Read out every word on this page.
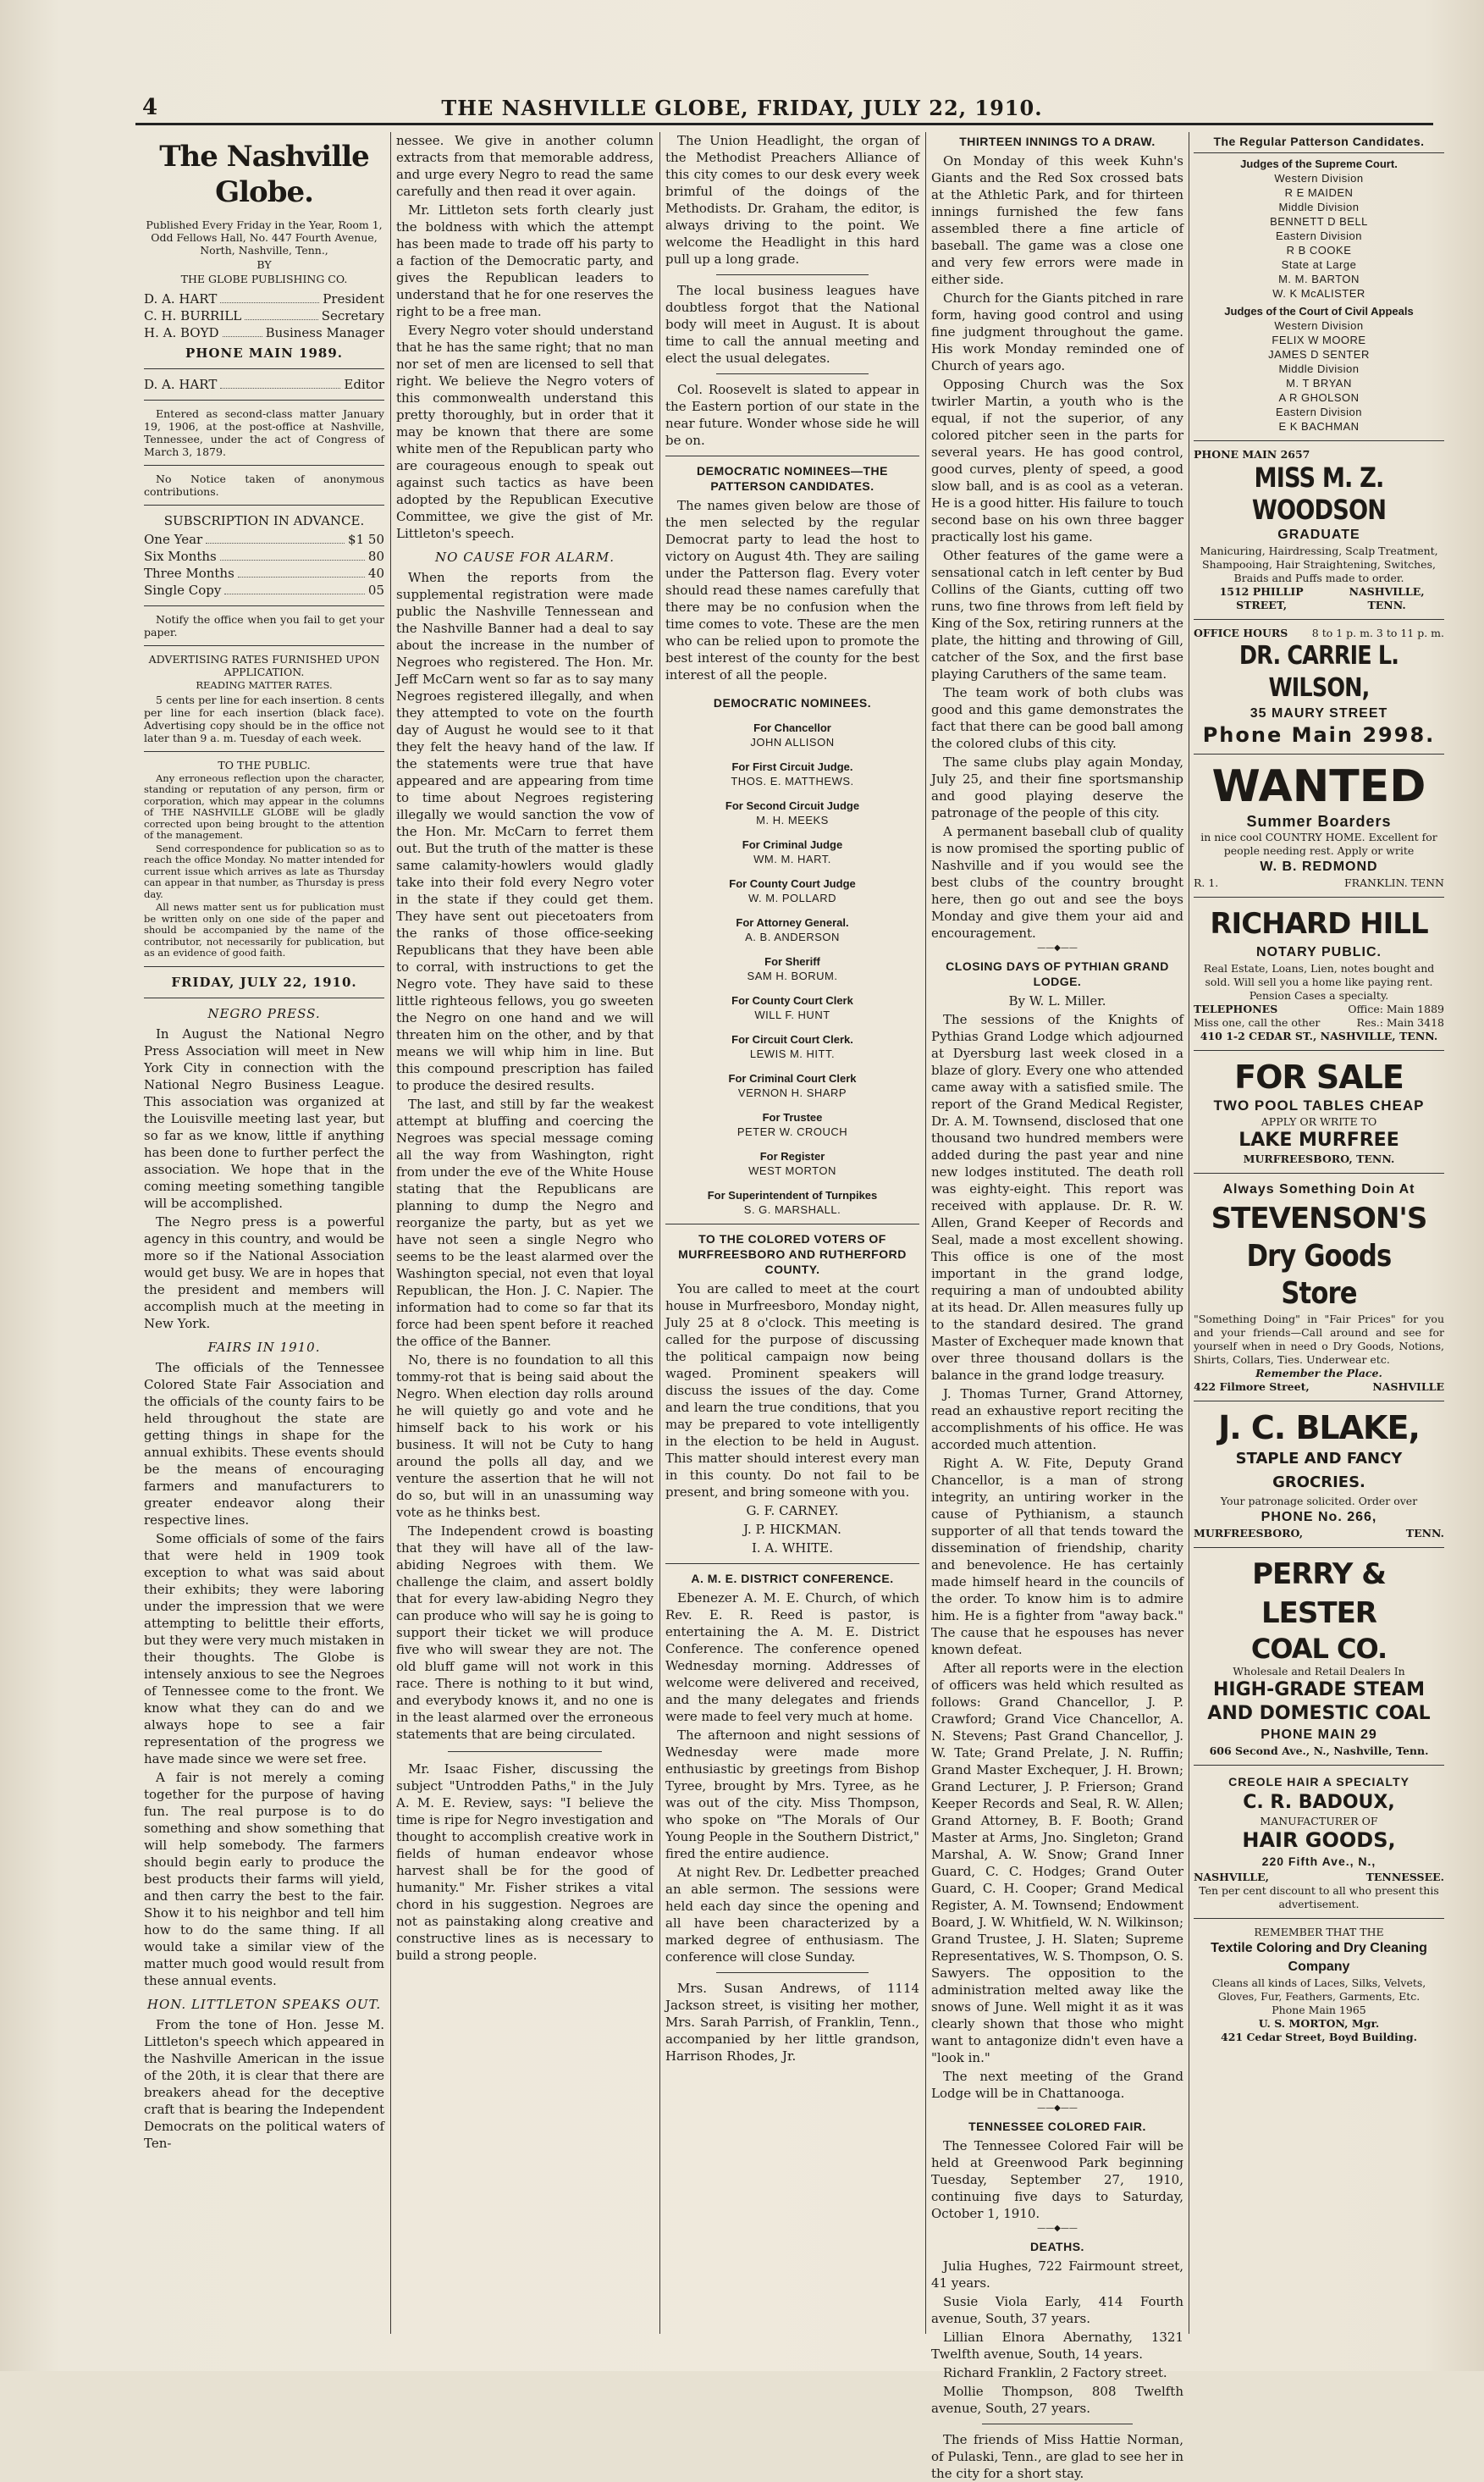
4	THE NASHVILLE GLOBE, FRIDAY, JULY 22, 1910.
The Nashville Globe.

Published Every Friday in the Year, Room 1, Odd Fellows Hall, No. 447 Fourth Avenue, North, Nashville, Tenn.,

BY

THE GLOBE PUBLISHING CO.

D. A. HART	President
C. H. BURRILL	Secretary
H. A. BOYD	Business Manager

PHONE MAIN 1989.

D. A. HART	Editor

Entered as second-class matter January 19, 1906, at the post-office at Nashville, Tennessee, under the act of Congress of March 3, 1879.

No Notice taken of anonymous contributions.

SUBSCRIPTION IN ADVANCE.

One Year	$1 50
Six Months	80
Three Months	40
Single Copy	05

Notify the office when you fail to get your paper.

ADVERTISING RATES FURNISHED UPON APPLICATION.

READING MATTER RATES.

5 cents per line for each insertion. 8 cents per line for each insertion (black face). Advertising copy should be in the office not later than 9 a. m. Tuesday of each week.

TO THE PUBLIC.

Any erroneous reflection upon the character, standing or reputation of any person, firm or corporation, which may appear in the columns of THE NASHVILLE GLOBE will be gladly corrected upon being brought to the attention of the management.

Send correspondence for publication so as to reach the office Monday. No matter intended for current issue which arrives as late as Thursday can appear in that number, as Thursday is press day.

All news matter sent us for publication must be written only on one side of the paper and should be accompanied by the name of the contributor, not necessarily for publication, but as an evidence of good faith.

FRIDAY, JULY 22, 1910.

NEGRO PRESS.

In August the National Negro Press Association will meet in New York City in connection with the National Negro Business League. This association was organized at the Louisville meeting last year, but so far as we know, little if anything has been done to further perfect the association. We hope that in the coming meeting something tangible will be accomplished.

The Negro press is a powerful agency in this country, and would be more so if the National Association would get busy. We are in hopes that the president and members will accomplish much at the meeting in New York.

FAIRS IN 1910.

The officials of the Tennessee Colored State Fair Association and the officials of the county fairs to be held throughout the state are getting things in shape for the annual exhibits. These events should be the means of encouraging farmers and manufacturers to greater endeavor along their respective lines.

Some officials of some of the fairs that were held in 1909 took exception to what was said about their exhibits; they were laboring under the impression that we were attempting to belittle their efforts, but they were very much mistaken in their thoughts. The Globe is intensely anxious to see the Negroes of Tennessee come to the front. We know what they can do and we always hope to see a fair representation of the progress we have made since we were set free.

A fair is not merely a coming together for the purpose of having fun. The real purpose is to do something and show something that will help somebody. The farmers should begin early to produce the best products their farms will yield, and then carry the best to the fair. Show it to his neighbor and tell him how to do the same thing. If all would take a similar view of the matter much good would result from these annual events.

HON. LITTLETON SPEAKS OUT.

From the tone of Hon. Jesse M. Littleton's speech which appeared in the Nashville American in the issue of the 20th, it is clear that there are breakers ahead for the deceptive craft that is bearing the Independent Democrats on the political waters of Ten-

nessee. We give in another column extracts from that memorable address, and urge every Negro to read the same carefully and then read it over again.

Mr. Littleton sets forth clearly just the boldness with which the attempt has been made to trade off his party to a faction of the Democratic party, and gives the Republican leaders to understand that he for one reserves the right to be a free man.

Every Negro voter should understand that he has the same right; that no man nor set of men are licensed to sell that right. We believe the Negro voters of this commonwealth understand this pretty thoroughly, but in order that it may be known that there are some white men of the Republican party who are courageous enough to speak out against such tactics as have been adopted by the Republican Executive Committee, we give the gist of Mr. Littleton's speech.

NO CAUSE FOR ALARM.

When the reports from the supplemental registration were made public the Nashville Tennessean and the Nashville Banner had a deal to say about the increase in the number of Negroes who registered. The Hon. Mr. Jeff McCarn went so far as to say many Negroes registered illegally, and when they attempted to vote on the fourth day of August he would see to it that they felt the heavy hand of the law. If the statements were true that have appeared and are appearing from time to time about Negroes registering illegally we would sanction the vow of the Hon. Mr. McCarn to ferret them out. But the truth of the matter is these same calamity-howlers would gladly take into their fold every Negro voter in the state if they could get them. They have sent out piecetoaters from the ranks of those office-seeking Republicans that they have been able to corral, with instructions to get the Negro vote. They have said to these little righteous fellows, you go sweeten the Negro on one hand and we will threaten him on the other, and by that means we will whip him in line. But this compound prescription has failed to produce the desired results.

The last, and still by far the weakest attempt at bluffing and coercing the Negroes was special message coming all the way from Washington, right from under the eve of the White House stating that the Republicans are planning to dump the Negro and reorganize the party, but as yet we have not seen a single Negro who seems to be the least alarmed over the Washington special, not even that loyal Republican, the Hon. J. C. Napier. The information had to come so far that its force had been spent before it reached the office of the Banner.

No, there is no foundation to all this tommy-rot that is being said about the Negro. When election day rolls around he will quietly go and vote and he himself back to his work or his business. It will not be Cuty to hang around the polls all day, and we venture the assertion that he will not do so, but will in an unassuming way vote as he thinks best.

The Independent crowd is boasting that they will have all of the law-abiding Negroes with them. We challenge the claim, and assert boldly that for every law-abiding Negro they can produce who will say he is going to support their ticket we will produce five who will swear they are not. The old bluff game will not work in this race. There is nothing to it but wind, and everybody knows it, and no one is in the least alarmed over the erroneous statements that are being circulated.

Mr. Isaac Fisher, discussing the subject "Untrodden Paths," in the July A. M. E. Review, says: "I believe the time is ripe for Negro investigation and thought to accomplish creative work in fields of human endeavor whose harvest shall be for the good of humanity." Mr. Fisher strikes a vital chord in his suggestion. Negroes are not as painstaking along creative and constructive lines as is necessary to build a strong people.

The Union Headlight, the organ of the Methodist Preachers Alliance of this city comes to our desk every week brimful of the doings of the Methodists. Dr. Graham, the editor, is always driving to the point. We welcome the Headlight in this hard pull up a long grade.

The local business leagues have doubtless forgot that the National body will meet in August. It is about time to call the annual meeting and elect the usual delegates.

Col. Roosevelt is slated to appear in the Eastern portion of our state in the near future. Wonder whose side he will be on.

DEMOCRATIC NOMINEES—THE PATTERSON CANDIDATES.

The names given below are those of the men selected by the regular Democrat party to lead the host to victory on August 4th. They are sailing under the Patterson flag. Every voter should read these names carefully that there may be no confusion when the time comes to vote. These are the men who can be relied upon to promote the best interest of the county for the best interest of all the people.

DEMOCRATIC NOMINEES.
For Chancellor
JOHN ALLISON
For First Circuit Judge.
THOS. E. MATTHEWS.
For Second Circuit Judge
M. H. MEEKS
For Criminal Judge
WM. M. HART.
For County Court Judge
W. M. POLLARD
For Attorney General.
A. B. ANDERSON
For Sheriff
SAM H. BORUM.
For County Court Clerk
WILL F. HUNT
For Circuit Court Clerk.
LEWIS M. HITT.
For Criminal Court Clerk
VERNON H. SHARP
For Trustee
PETER W. CROUCH
For Register
WEST MORTON
For Superintendent of Turnpikes
S. G. MARSHALL.
TO THE COLORED VOTERS OF MURFREESBORO AND RUTHERFORD COUNTY.

You are called to meet at the court house in Murfreesboro, Monday night, July 25 at 8 o'clock. This meeting is called for the purpose of discussing the political campaign now being waged. Prominent speakers will discuss the issues of the day. Come and learn the true conditions, that you may be prepared to vote intelligently in the election to be held in August. This matter should interest every man in this county. Do not fail to be present, and bring someone with you.

G. F. CARNEY.

J. P. HICKMAN.

I. A. WHITE.

A. M. E. DISTRICT CONFERENCE.

Ebenezer A. M. E. Church, of which Rev. E. R. Reed is pastor, is entertaining the A. M. E. District Conference. The conference opened Wednesday morning. Addresses of welcome were delivered and received, and the many delegates and friends were made to feel very much at home.

The afternoon and night sessions of Wednesday were made more enthusiastic by greetings from Bishop Tyree, brought by Mrs. Tyree, as he was out of the city. Miss Thompson, who spoke on "The Morals of Our Young People in the Southern District," fired the entire audience.

At night Rev. Dr. Ledbetter preached an able sermon. The sessions were held each day since the opening and all have been characterized by a marked degree of enthusiasm. The conference will close Sunday.

Mrs. Susan Andrews, of 1114 Jackson street, is visiting her mother, Mrs. Sarah Parrish, of Franklin, Tenn., accompanied by her little grandson, Harrison Rhodes, Jr.

THIRTEEN INNINGS TO A DRAW.

On Monday of this week Kuhn's Giants and the Red Sox crossed bats at the Athletic Park, and for thirteen innings furnished the few fans assembled there a fine article of baseball. The game was a close one and very few errors were made in either side.

Church for the Giants pitched in rare form, having good control and using fine judgment throughout the game. His work Monday reminded one of Church of years ago.

Opposing Church was the Sox twirler Martin, a youth who is the equal, if not the superior, of any colored pitcher seen in the parts for several years. He has good control, good curves, plenty of speed, a good slow ball, and is as cool as a veteran. He is a good hitter. His failure to touch second base on his own three bagger practically lost his game.

Other features of the game were a sensational catch in left center by Bud Collins of the Giants, cutting off two runs, two fine throws from left field by King of the Sox, retiring runners at the plate, the hitting and throwing of Gill, catcher of the Sox, and the first base playing Caruthers of the same team.

The team work of both clubs was good and this game demonstrates the fact that there can be good ball among the colored clubs of this city.

The same clubs play again Monday, July 25, and their fine sportsmanship and good playing deserve the patronage of the people of this city.

A permanent baseball club of quality is now promised the sporting public of Nashville and if you would see the best clubs of the country brought here, then go out and see the boys Monday and give them your aid and encouragement.

——◆——
CLOSING DAYS OF PYTHIAN GRAND LODGE.

By W. L. Miller.

The sessions of the Knights of Pythias Grand Lodge which adjourned at Dyersburg last week closed in a blaze of glory. Every one who attended came away with a satisfied smile. The report of the Grand Medical Register, Dr. A. M. Townsend, disclosed that one thousand two hundred members were added during the past year and nine new lodges instituted. The death roll was eighty-eight. This report was received with applause. Dr. R. W. Allen, Grand Keeper of Records and Seal, made a most excellent showing. This office is one of the most important in the grand lodge, requiring a man of undoubted ability at its head. Dr. Allen measures fully up to the standard desired. The grand Master of Exchequer made known that over three thousand dollars is the balance in the grand lodge treasury.

J. Thomas Turner, Grand Attorney, read an exhaustive report reciting the accomplishments of his office. He was accorded much attention.

Right A. W. Fite, Deputy Grand Chancellor, is a man of strong integrity, an untiring worker in the cause of Pythianism, a staunch supporter of all that tends toward the dissemination of friendship, charity and benevolence. He has certainly made himself heard in the councils of the order. To know him is to admire him. He is a fighter from "away back." The cause that he espouses has never known defeat.

After all reports were in the election of officers was held which resulted as follows: Grand Chancellor, J. P. Crawford; Grand Vice Chancellor, A. N. Stevens; Past Grand Chancellor, J. W. Tate; Grand Prelate, J. N. Ruffin; Grand Master Exchequer, J. H. Brown; Grand Lecturer, J. P. Frierson; Grand Keeper Records and Seal, R. W. Allen; Grand Attorney, B. F. Booth; Grand Master at Arms, Jno. Singleton; Grand Marshal, A. W. Snow; Grand Inner Guard, C. C. Hodges; Grand Outer Guard, C. H. Cooper; Grand Medical Register, A. M. Townsend; Endowment Board, J. W. Whitfield, W. N. Wilkinson; Grand Trustee, J. H. Slaten; Supreme Representatives, W. S. Thompson, O. S. Sawyers. The opposition to the administration melted away like the snows of June. Well might it as it was clearly shown that those who might want to antagonize didn't even have a "look in."

The next meeting of the Grand Lodge will be in Chattanooga.

——◆——
TENNESSEE COLORED FAIR.

The Tennessee Colored Fair will be held at Greenwood Park beginning Tuesday, September 27, 1910, continuing five days to Saturday, October 1, 1910.

——◆——
DEATHS.

Julia Hughes, 722 Fairmount street, 41 years.

Susie Viola Early, 414 Fourth avenue, South, 37 years.

Lillian Elnora Abernathy, 1321 Twelfth avenue, South, 14 years.

Richard Franklin, 2 Factory street.

Mollie Thompson, 808 Twelfth avenue, South, 27 years.

The friends of Miss Hattie Norman, of Pulaski, Tenn., are glad to see her in the city for a short stay.

The Regular Patterson Candidates.
Judges of the Supreme Court.
Western Division
R E MAIDEN
Middle Division
BENNETT D BELL
Eastern Division
R B COOKE
State at Large
M. M. BARTON
W. K McALISTER
Judges of the Court of Civil Appeals
Western Division
FELIX W MOORE
JAMES D SENTER
Middle Division
M. T BRYAN
A R GHOLSON
Eastern Division
E K BACHMAN
PHONE MAIN 2657
MISS M. Z. WOODSON
GRADUATE
Manicuring, Hairdressing, Scalp Treatment, Shampooing, Hair Straightening, Switches, Braids and Puffs made to order.
1512 PHILLIP STREET,
NASHVILLE, TENN.
OFFICE HOURS 8 to 1 p. m. 3 to 11 p. m.
DR. CARRIE L. WILSON,
35 MAURY STREET
Phone Main 2998.
WANTED
Summer Boarders
in nice cool COUNTRY HOME. Excellent for people needing rest. Apply or write
W. B. REDMOND
R. 1.	FRANKLIN. TENN
RICHARD HILL
NOTARY PUBLIC.
Real Estate, Loans, Lien, notes bought and sold. Will sell you a home like paying rent. Pension Cases a specialty.
TELEPHONES	Office: Main 1889
Miss one, call the other	Res.: Main 3418
410 1-2 CEDAR ST., NASHVILLE, TENN.
FOR SALE
TWO POOL TABLES CHEAP
APPLY OR WRITE TO
LAKE MURFREE
MURFREESBORO, TENN.
Always Something Doin At
STEVENSON'S
Dry Goods Store
"Something Doing" in "Fair Prices" for you and your friends—Call around and see for yourself when in need o Dry Goods, Notions, Shirts, Collars, Ties. Underwear etc.
Remember the Place.
422 Filmore Street,	NASHVILLE
J. C. BLAKE,
STAPLE AND FANCY GROCRIES.
Your patronage solicited. Order over
PHONE No. 266,
MURFREESBORO,	TENN.
PERRY & LESTER
COAL CO.
Wholesale and Retail Dealers In
HIGH-GRADE STEAM AND DOMESTIC COAL
PHONE MAIN 29
606 Second Ave., N., Nashville, Tenn.
CREOLE HAIR A SPECIALTY
C. R. BADOUX,
MANUFACTURER OF
HAIR GOODS,
220 Fifth Ave., N.,
NASHVILLE,	TENNESSEE.
Ten per cent discount to all who present this advertisement.
REMEMBER THAT THE
Textile Coloring and Dry Cleaning Company
Cleans all kinds of Laces, Silks, Velvets, Gloves, Fur, Feathers, Garments, Etc.
Phone Main 1965
U. S. MORTON, Mgr.
421 Cedar Street, Boyd Building.
